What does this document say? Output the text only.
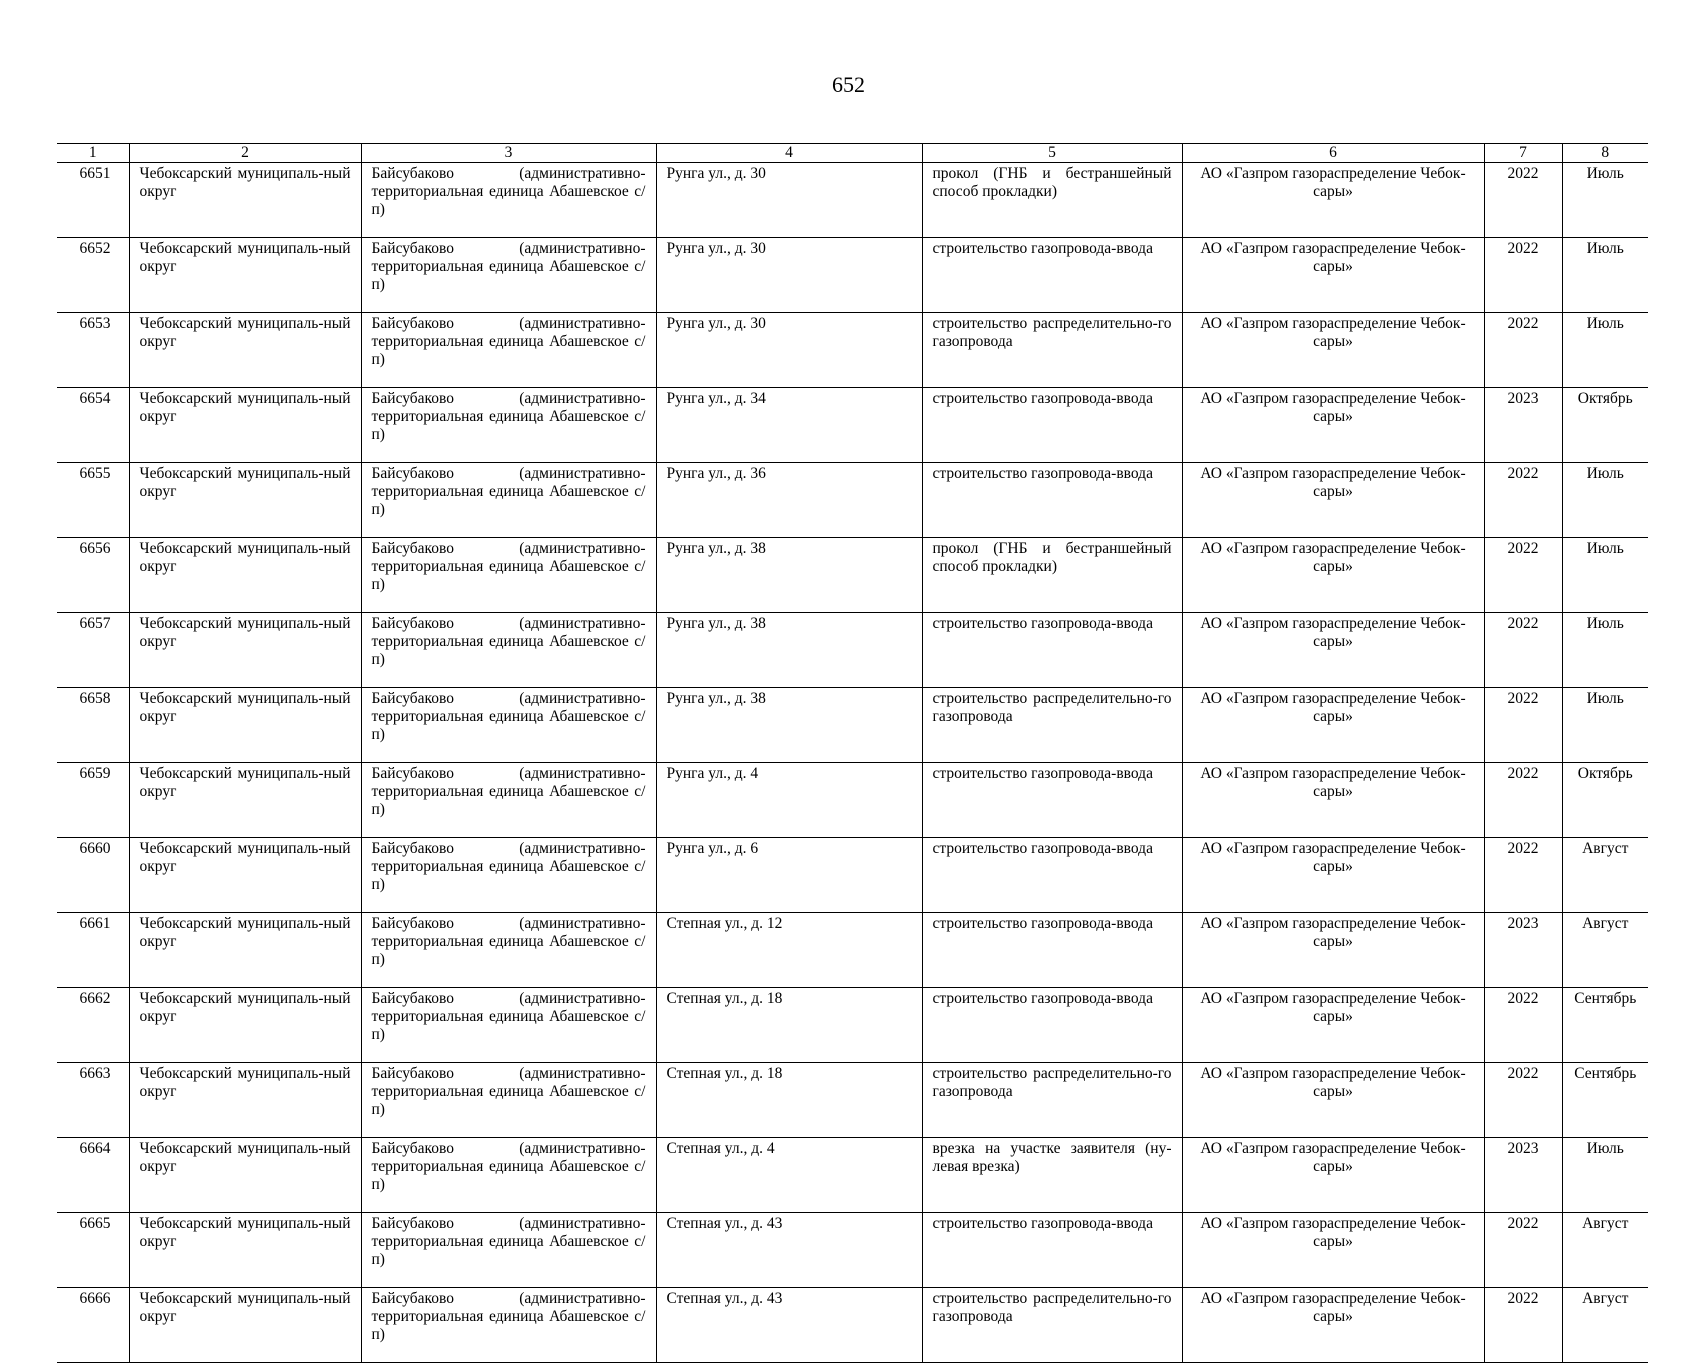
652
1	2	3	4	5	6	7	8
6651	Чебоксарский муниципаль-ный округ	Байсубаково (административно-территориальная единица Абашевское с/п)	Рунга ул., д. 30	прокол (ГНБ и бестраншейный способ прокладки)	АО «Газпром газораспределение Чебок-сары»	2022	Июль
6652	Чебоксарский муниципаль-ный округ	Байсубаково (административно-территориальная единица Абашевское с/п)	Рунга ул., д. 30	строительство газопровода-ввода	АО «Газпром газораспределение Чебок-сары»	2022	Июль
6653	Чебоксарский муниципаль-ный округ	Байсубаково (административно-территориальная единица Абашевское с/п)	Рунга ул., д. 30	строительство распределительно-го газопровода	АО «Газпром газораспределение Чебок-сары»	2022	Июль
6654	Чебоксарский муниципаль-ный округ	Байсубаково (административно-территориальная единица Абашевское с/п)	Рунга ул., д. 34	строительство газопровода-ввода	АО «Газпром газораспределение Чебок-сары»	2023	Октябрь
6655	Чебоксарский муниципаль-ный округ	Байсубаково (административно-территориальная единица Абашевское с/п)	Рунга ул., д. 36	строительство газопровода-ввода	АО «Газпром газораспределение Чебок-сары»	2022	Июль
6656	Чебоксарский муниципаль-ный округ	Байсубаково (административно-территориальная единица Абашевское с/п)	Рунга ул., д. 38	прокол (ГНБ и бестраншейный способ прокладки)	АО «Газпром газораспределение Чебок-сары»	2022	Июль
6657	Чебоксарский муниципаль-ный округ	Байсубаково (административно-территориальная единица Абашевское с/п)	Рунга ул., д. 38	строительство газопровода-ввода	АО «Газпром газораспределение Чебок-сары»	2022	Июль
6658	Чебоксарский муниципаль-ный округ	Байсубаково (административно-территориальная единица Абашевское с/п)	Рунга ул., д. 38	строительство распределительно-го газопровода	АО «Газпром газораспределение Чебок-сары»	2022	Июль
6659	Чебоксарский муниципаль-ный округ	Байсубаково (административно-территориальная единица Абашевское с/п)	Рунга ул., д. 4	строительство газопровода-ввода	АО «Газпром газораспределение Чебок-сары»	2022	Октябрь
6660	Чебоксарский муниципаль-ный округ	Байсубаково (административно-территориальная единица Абашевское с/п)	Рунга ул., д. 6	строительство газопровода-ввода	АО «Газпром газораспределение Чебок-сары»	2022	Август
6661	Чебоксарский муниципаль-ный округ	Байсубаково (административно-территориальная единица Абашевское с/п)	Степная ул., д. 12	строительство газопровода-ввода	АО «Газпром газораспределение Чебок-сары»	2023	Август
6662	Чебоксарский муниципаль-ный округ	Байсубаково (административно-территориальная единица Абашевское с/п)	Степная ул., д. 18	строительство газопровода-ввода	АО «Газпром газораспределение Чебок-сары»	2022	Сентябрь
6663	Чебоксарский муниципаль-ный округ	Байсубаково (административно-территориальная единица Абашевское с/п)	Степная ул., д. 18	строительство распределительно-го газопровода	АО «Газпром газораспределение Чебок-сары»	2022	Сентябрь
6664	Чебоксарский муниципаль-ный округ	Байсубаково (административно-территориальная единица Абашевское с/п)	Степная ул., д. 4	врезка на участке заявителя (ну-левая врезка)	АО «Газпром газораспределение Чебок-сары»	2023	Июль
6665	Чебоксарский муниципаль-ный округ	Байсубаково (административно-территориальная единица Абашевское с/п)	Степная ул., д. 43	строительство газопровода-ввода	АО «Газпром газораспределение Чебок-сары»	2022	Август
6666	Чебоксарский муниципаль-ный округ	Байсубаково (административно-территориальная единица Абашевское с/п)	Степная ул., д. 43	строительство распределительно-го газопровода	АО «Газпром газораспределение Чебок-сары»	2022	Август
